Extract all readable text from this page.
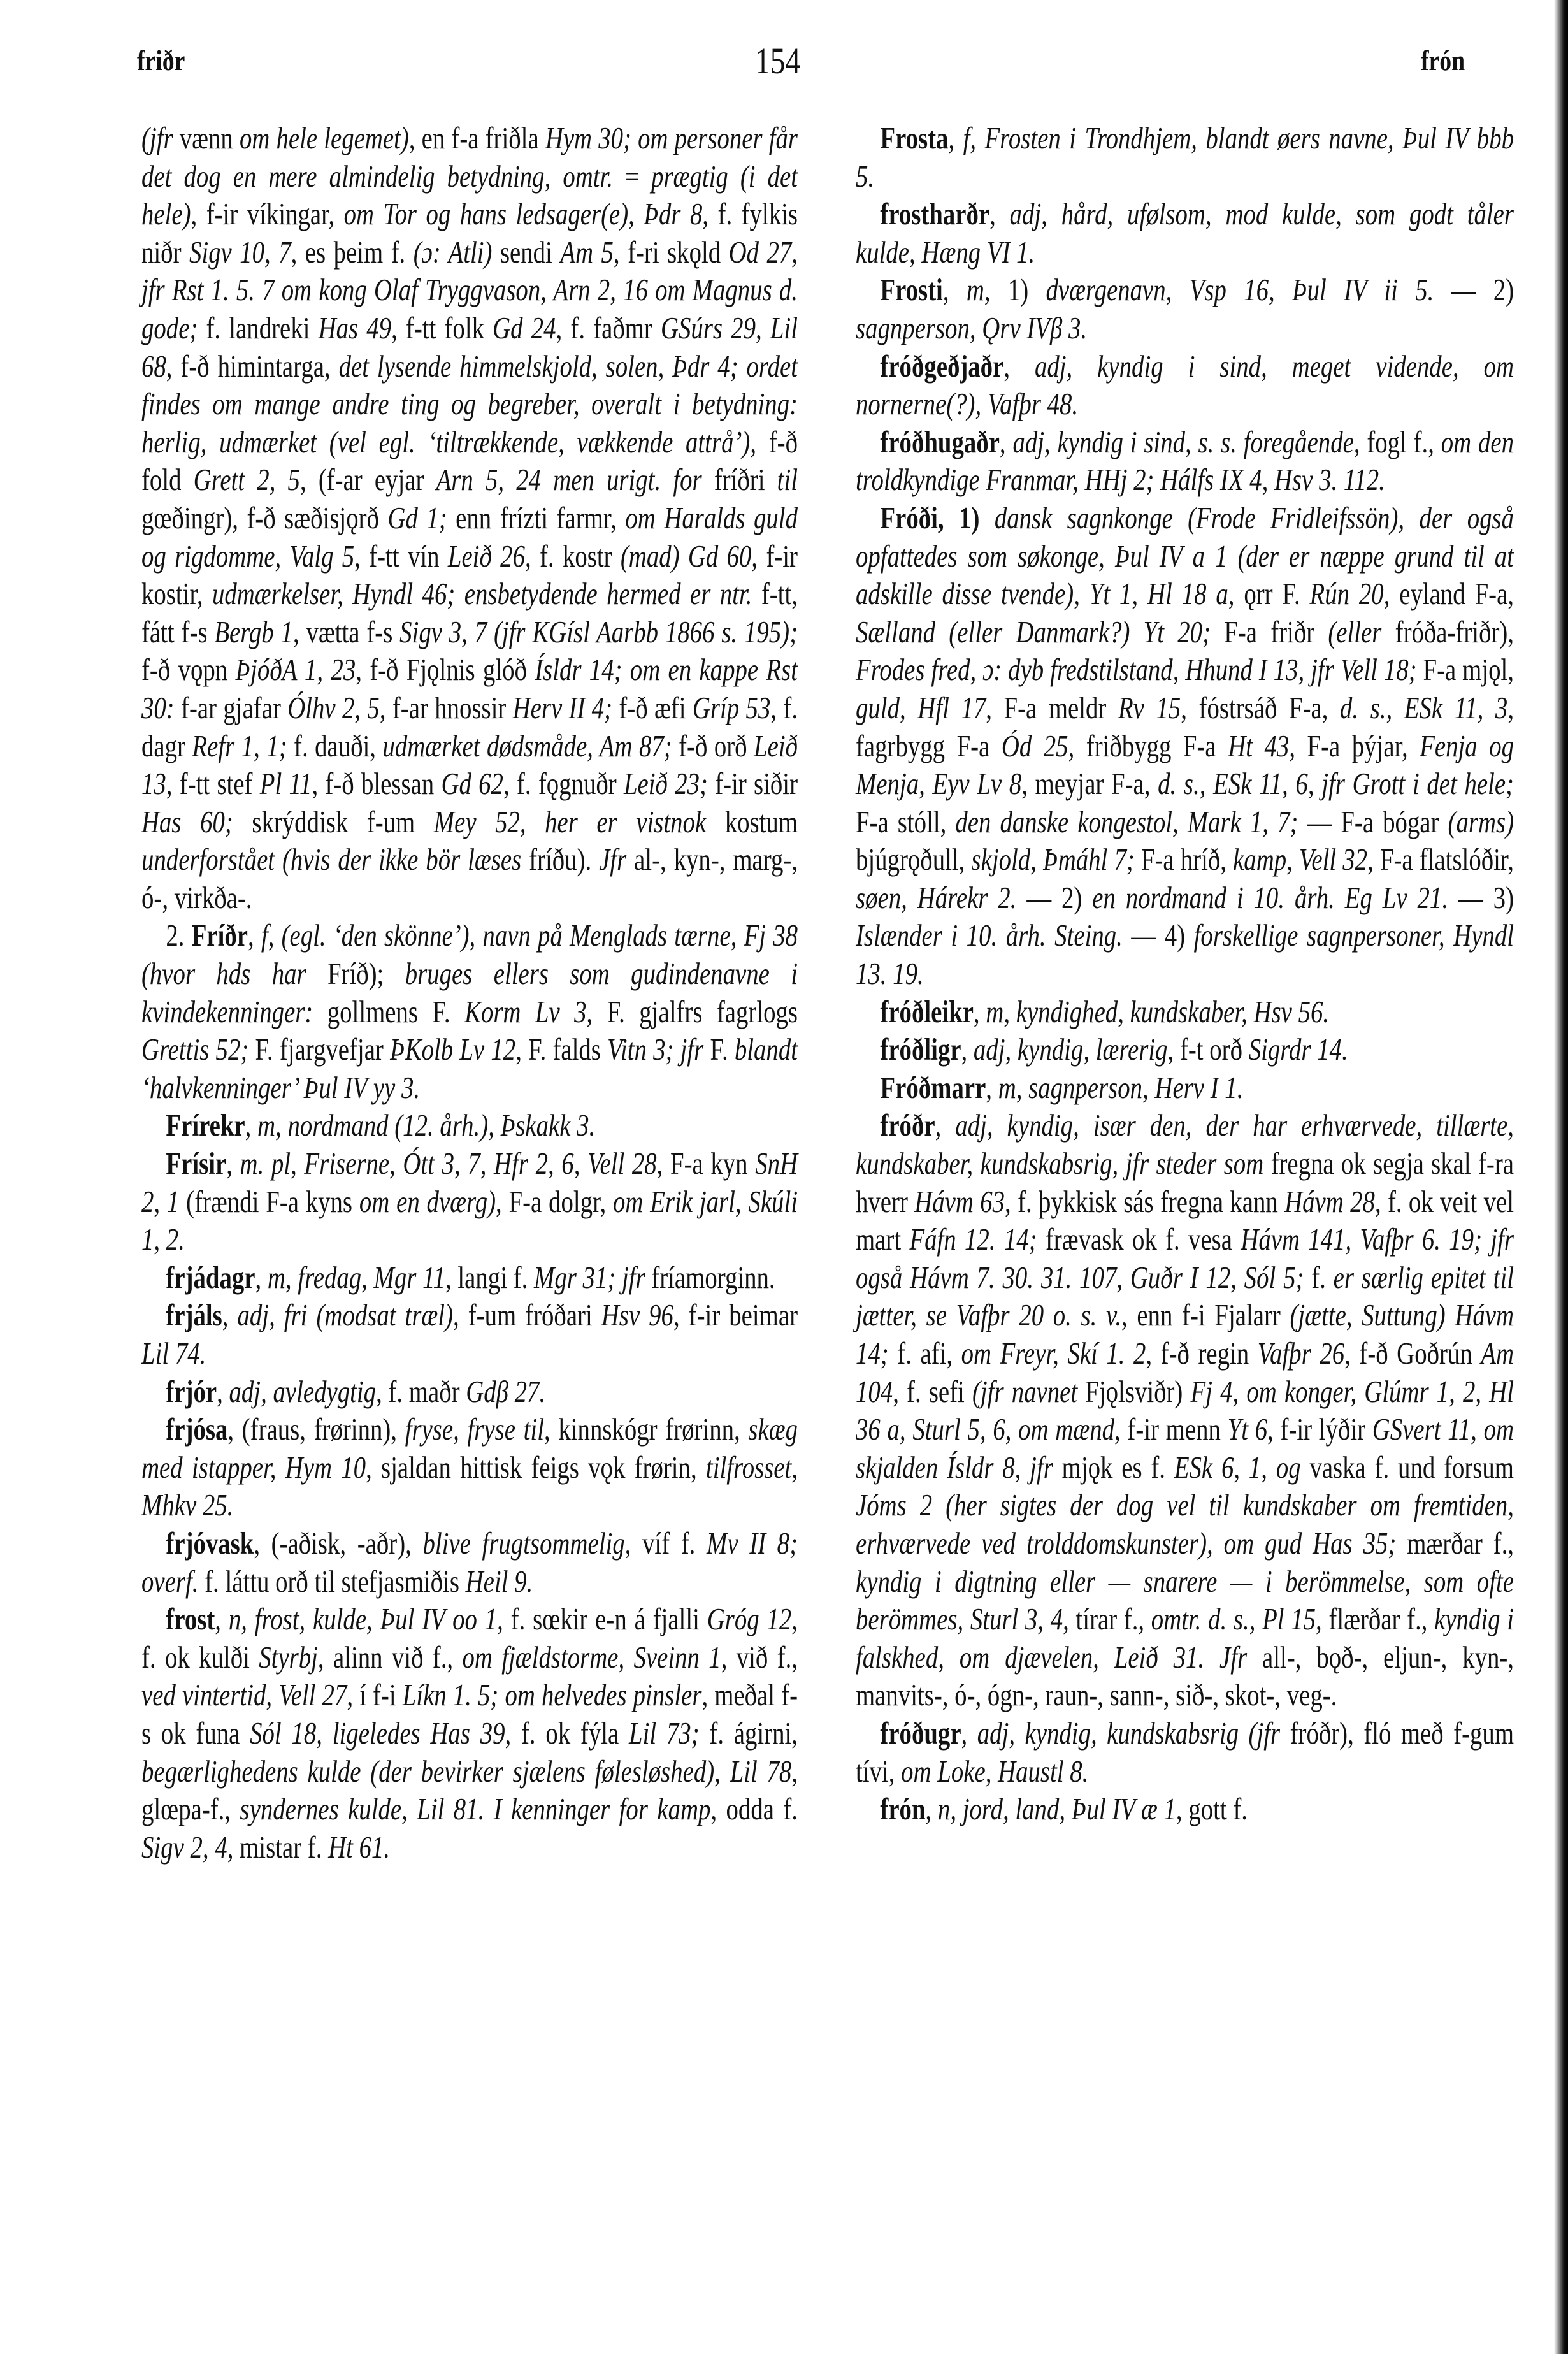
friðr	154	frón

(jfr vænn om hele legemet), en f-a friðla Hym 30; om personer får det dog en mere almindelig betydning, omtr. = prægtig (i det hele), f-ir víkingar, om Tor og hans ledsager(e), Þdr 8, f. fylkis niðr Sigv 10, 7, es þeim f. (ɔ: Atli) sendi Am 5, f-ri skǫld Od 27, jfr Rst 1. 5. 7 om kong Olaf Tryggvason, Arn 2, 16 om Magnus d. gode; f. landreki Has 49, f-tt folk Gd 24, f. faðmr GSúrs 29, Lil 68, f-ð himintarga, det lysende himmelskjold, solen, Þdr 4; ordet findes om mange andre ting og begreber, overalt i betydning: herlig, udmærket (vel egl. ‘tiltrækkende, vækkende attrå’), f-ð fold Grett 2, 5, (f-ar eyjar Arn 5, 24 men urigt. for fríðri til gœðingr), f-ð sæðisjǫrð Gd 1; enn frízti farmr, om Haralds guld og rigdomme, Valg 5, f-tt vín Leið 26, f. kostr (mad) Gd 60, f-ir kostir, udmærkelser, Hyndl 46; ensbetydende hermed er ntr. f-tt, fátt f-s Bergb 1, vætta f-s Sigv 3, 7 (jfr KGísl Aarbb 1866 s. 195); f-ð vǫpn ÞjóðA 1, 23, f-ð Fjǫlnis glóð Ísldr 14; om en kappe Rst 30: f-ar gjafar Ólhv 2, 5, f-ar hnossir Herv II 4; f-ð æfi Gríp 53, f. dagr Refr 1, 1; f. dauði, udmærket dødsmåde, Am 87; f-ð orð Leið 13, f-tt stef Pl 11, f-ð blessan Gd 62, f. fǫgnuðr Leið 23; f-ir siðir Has 60; skrýddisk f-um Mey 52, her er vistnok kostum underforstået (hvis der ikke bör læses fríðu). Jfr al-, kyn-, marg-, ó-, virkða-.

2. Fríðr, f, (egl. ‘den skönne’), navn på Menglads tærne, Fj 38 (hvor hds har Fríð); bruges ellers som gudindenavne i kvindekenninger: gollmens F. Korm Lv 3, F. gjalfrs fagrlogs Grettis 52; F. fjargvefjar ÞKolb Lv 12, F. falds Vitn 3; jfr F. blandt ‘halvkenninger’ Þul IV yy 3.

Frírekr, m, nordmand (12. årh.), Þskakk 3.

Frísir, m. pl, Friserne, Ótt 3, 7, Hfr 2, 6, Vell 28, F-a kyn SnH 2, 1 (frændi F-a kyns om en dværg), F-a dolgr, om Erik jarl, Skúli 1, 2.

frjádagr, m, fredag, Mgr 11, langi f. Mgr 31; jfr fríamorginn.

frjáls, adj, fri (modsat træl), f-um fróðari Hsv 96, f-ir beimar Lil 74.

frjór, adj, avledygtig, f. maðr Gdβ 27.

frjósa, (fraus, frørinn), fryse, fryse til, kinnskógr frørinn, skæg med istapper, Hym 10, sjaldan hittisk feigs vǫk frørin, tilfrosset, Mhkv 25.

frjóvask, (-aðisk, -aðr), blive frugtsommelig, víf f. Mv II 8; overf. f. láttu orð til stefjasmiðis Heil 9.

frost, n, frost, kulde, Þul IV oo 1, f. sœkir e-n á fjalli Gróg 12, f. ok kulði Styrbj, alinn við f., om fjældstorme, Sveinn 1, við f., ved vintertid, Vell 27, í f-i Líkn 1. 5; om helvedes pinsler, meðal f-s ok funa Sól 18, ligeledes Has 39, f. ok fýla Lil 73; f. ágirni, begærlighedens kulde (der bevirker sjælens følesløshed), Lil 78, glœpa-f., syndernes kulde, Lil 81. I kenninger for kamp, odda f. Sigv 2, 4, mistar f. Ht 61.

Frosta, f, Frosten i Trondhjem, blandt øers navne, Þul IV bbb 5.

frostharðr, adj, hård, ufølsom, mod kulde, som godt tåler kulde, Hæng VI 1.

Frosti, m, 1) dværgenavn, Vsp 16, Þul IV ii 5. — 2) sagnperson, Ǫrv IVβ 3.

fróðgeðjaðr, adj, kyndig i sind, meget vidende, om nornerne(?), Vafþr 48.

fróðhugaðr, adj, kyndig i sind, s. s. foregående, fogl f., om den troldkyndige Franmar, HHj 2; Hálfs IX 4, Hsv 3. 112.

Fróði, 1) dansk sagnkonge (Frode Fridleifssön), der også opfattedes som søkonge, Þul IV a 1 (der er næppe grund til at adskille disse tvende), Yt 1, Hl 18 a, ǫrr F. Rún 20, eyland F-a, Sælland (eller Danmark?) Yt 20; F-a friðr (eller fróða-friðr), Frodes fred, ɔ: dyb fredstilstand, Hhund I 13, jfr Vell 18; F-a mjǫl, guld, Hfl 17, F-a meldr Rv 15, fóstrsáð F-a, d. s., ESk 11, 3, fagrbygg F-a Ód 25, friðbygg F-a Ht 43, F-a þýjar, Fenja og Menja, Eyv Lv 8, meyjar F-a, d. s., ESk 11, 6, jfr Grott i det hele; F-a stóll, den danske kongestol, Mark 1, 7; — F-a bógar (arms) bjúgrǫðull, skjold, Þmáhl 7; F-a hríð, kamp, Vell 32, F-a flatslóðir, søen, Hárekr 2. — 2) en nordmand i 10. årh. Eg Lv 21. — 3) Islænder i 10. årh. Steing. — 4) forskellige sagnpersoner, Hyndl 13. 19.

fróðleikr, m, kyndighed, kundskaber, Hsv 56.

fróðligr, adj, kyndig, lærerig, f-t orð Sigrdr 14.

Fróðmarr, m, sagnperson, Herv I 1.

fróðr, adj, kyndig, især den, der har erhværvede, tillærte, kundskaber, kundskabsrig, jfr steder som fregna ok segja skal f-ra hverr Hávm 63, f. þykkisk sás fregna kann Hávm 28, f. ok veit vel mart Fáfn 12. 14; frævask ok f. vesa Hávm 141, Vafþr 6. 19; jfr også Hávm 7. 30. 31. 107, Guðr I 12, Sól 5; f. er særlig epitet til jætter, se Vafþr 20 o. s. v., enn f-i Fjalarr (jætte, Suttung) Hávm 14; f. afi, om Freyr, Skí 1. 2, f-ð regin Vafþr 26, f-ð Goðrún Am 104, f. sefi (jfr navnet Fjǫlsviðr) Fj 4, om konger, Glúmr 1, 2, Hl 36 a, Sturl 5, 6, om mænd, f-ir menn Yt 6, f-ir lýðir GSvert 11, om skjalden Ísldr 8, jfr mjǫk es f. ESk 6, 1, og vaska f. und forsum Jóms 2 (her sigtes der dog vel til kundskaber om fremtiden, erhværvede ved trolddomskunster), om gud Has 35; mærðar f., kyndig i digtning eller — snarere — i berömmelse, som ofte berömmes, Sturl 3, 4, tírar f., omtr. d. s., Pl 15, flærðar f., kyndig i falskhed, om djævelen, Leið 31. Jfr all-, bǫð-, eljun-, kyn-, manvits-, ó-, ógn-, raun-, sann-, sið-, skot-, veg-.

fróðugr, adj, kyndig, kundskabsrig (jfr fróðr), fló með f-gum tívi, om Loke, Haustl 8.

frón, n, jord, land, Þul IV æ 1, gott f.
